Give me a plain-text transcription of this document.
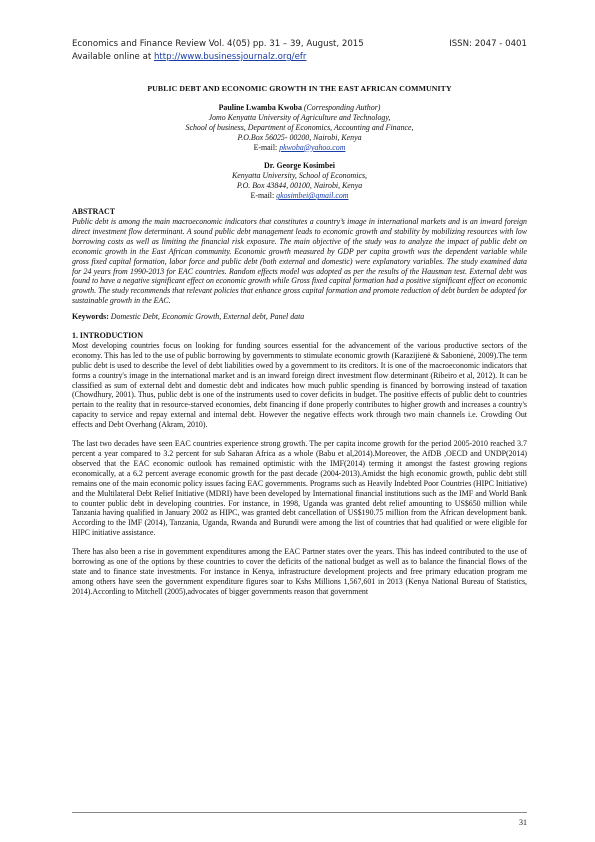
Economics and Finance Review Vol. 4(05) pp. 31 – 39, August, 2015	ISSN: 2047 - 0401
Available online at http://www.businessjournalz.org/efr
PUBLIC DEBT AND ECONOMIC GROWTH IN THE EAST AFRICAN COMMUNITY
Pauline Lwamba Kwoba (Corresponding Author)
Jomo Kenyatta University of Agriculture and Technology,
School of business, Department of Economics, Accounting and Finance,
P.O.Box 56025- 00200, Nairobi, Kenya
E-mail: pkwoba@yahoo.com
Dr. George Kosimbei
Kenyatta University, School of Economics,
P.O. Box 43844, 00100, Nairobi, Kenya
E-mail: gkosimbei@gmail.com
ABSTRACT

Public debt is among the main macroeconomic indicators that constitutes a country’s image in international markets and is an inward foreign direct investment flow determinant. A sound public debt management leads to economic growth and stability by mobilizing resources with low borrowing costs as well as limiting the financial risk exposure. The main objective of the study was to analyze the impact of public debt on economic growth in the East African community. Economic growth measured by GDP per capita growth was the dependent variable while gross fixed capital formation, labor force and public debt (both external and domestic) were explanatory variables. The study examined data for 24 years from 1990-2013 for EAC countries. Random effects model was adopted as per the results of the Hausman test. External debt was found to have a negative significant effect on economic growth while Gross fixed capital formation had a positive significant effect on economic growth. The study recommends that relevant policies that enhance gross capital formation and promote reduction of debt burden be adopted for sustainable growth in the EAC.

Keywords: Domestic Debt, Economic Growth, External debt, Panel data
1. INTRODUCTION

Most developing countries focus on looking for funding sources essential for the advancement of the various productive sectors of the economy. This has led to the use of public borrowing by governments to stimulate economic growth (Karazijienė & Sabonienė, 2009).The term public debt is used to describe the level of debt liabilities owed by a government to its creditors. It is one of the macroeconomic indicators that forms a country's image in the international market and is an inward foreign direct investment flow determinant (Ribeiro et al, 2012). It can be classified as sum of external debt and domestic debt and indicates how much public spending is financed by borrowing instead of taxation (Chowdhury, 2001). Thus, public debt is one of the instruments used to cover deficits in budget. The positive effects of public debt to countries pertain to the reality that in resource-starved economies, debt financing if done properly contributes to higher growth and increases a country's capacity to service and repay external and internal debt. However the negative effects work through two main channels i.e. Crowding Out effects and Debt Overhang (Akram, 2010).

The last two decades have seen EAC countries experience strong growth. The per capita income growth for the period 2005-2010 reached 3.7 percent a year compared to 3.2 percent for sub Saharan Africa as a whole (Babu et al,2014).Moreover, the AfDB ,OECD and UNDP(2014) observed that the EAC economic outlook has remained optimistic with the IMF(2014) terming it amongst the fastest growing regions economically, at a 6.2 percent average economic growth for the past decade (2004-2013).Amidst the high economic growth, public debt still remains one of the main economic policy issues facing EAC governments. Programs such as Heavily Indebted Poor Countries (HIPC Initiative) and the Multilateral Debt Relief Initiative (MDRI) have been developed by International financial institutions such as the IMF and World Bank to counter public debt in developing countries. For instance, in 1998, Uganda was granted debt relief amounting to US$650 million while Tanzania having qualified in January 2002 as HIPC, was granted debt cancellation of US$190.75 million from the African development bank. According to the IMF (2014), Tanzania, Uganda, Rwanda and Burundi were among the list of countries that had qualified or were eligible for HIPC initiative assistance.

There has also been a rise in government expenditures among the EAC Partner states over the years. This has indeed contributed to the use of borrowing as one of the options by these countries to cover the deficits of the national budget as well as to balance the financial flows of the state and to finance state investments. For instance in Kenya, infrastructure development projects and free primary education program me among others have seen the government expenditure figures soar to Kshs Millions 1,567,601 in 2013 (Kenya National Bureau of Statistics, 2014).According to Mitchell (2005),advocates of bigger governments reason that government

31
